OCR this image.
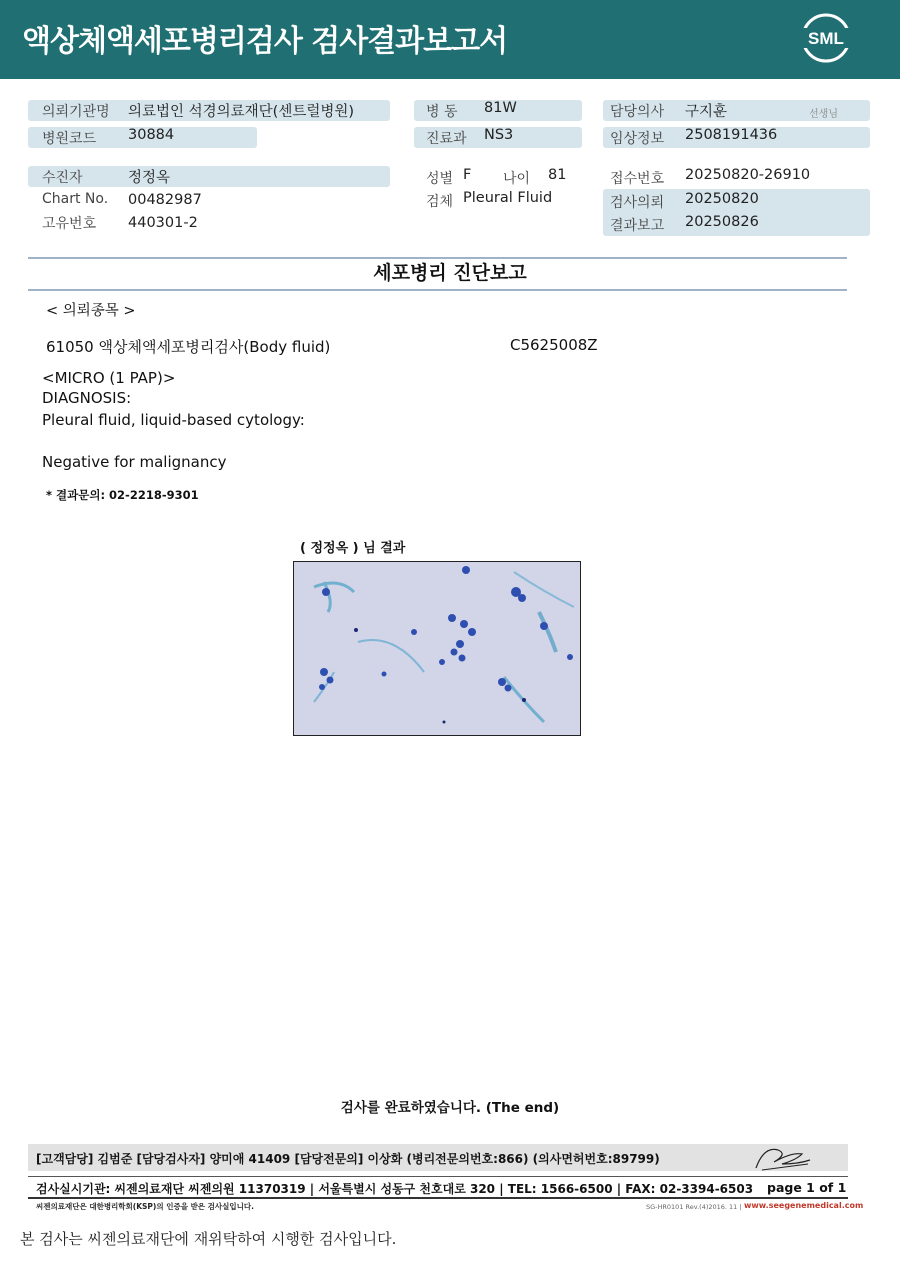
액상체액세포병리검사 검사결과보고서	SML
의뢰기관명 의료법인 석경의료재단(센트럴병원)
병원코드 30884
수진자	정정옥
Chart No. 00482987
고유번호 440301-2
병 동 81W
진료과 NS3
성별 F 나이 81
검체 Pleural Fluid
담당의사 구지훈	선생님
임상정보 2508191436
접수번호 20250820-26910
검사의뢰 20250820
결과보고 20250826
세포병리 진단보고
< 의뢰종목 >
61050 액상체액세포병리검사(Body fluid)	C5625008Z
<MICRO (1 PAP)>
DIAGNOSIS:
Pleural fluid, liquid-based cytology:
Negative for malignancy
* 결과문의: 02-2218-9301
( 정정옥 ) 님 결과
검사를 완료하였습니다. (The end)
[고객담당] 김범준 [담당검사자] 양미애 41409 [담당전문의] 이상화 (병리전문의번호:866) (의사면허번호:89799)
검사실시기관: 씨젠의료재단 씨젠의원 11370319 | 서울특별시 성동구 천호대로 320 | TEL: 1566-6500 | FAX: 02-3394-6503 page 1 of 1
씨젠의료재단은 대한병리학회(KSP)의 인증을 받은 검사실입니다.	SG-HR0101 Rev.(4)2016. 11 | www.seegenemedical.com
본 검사는 씨젠의료재단에 재위탁하여 시행한 검사입니다.
